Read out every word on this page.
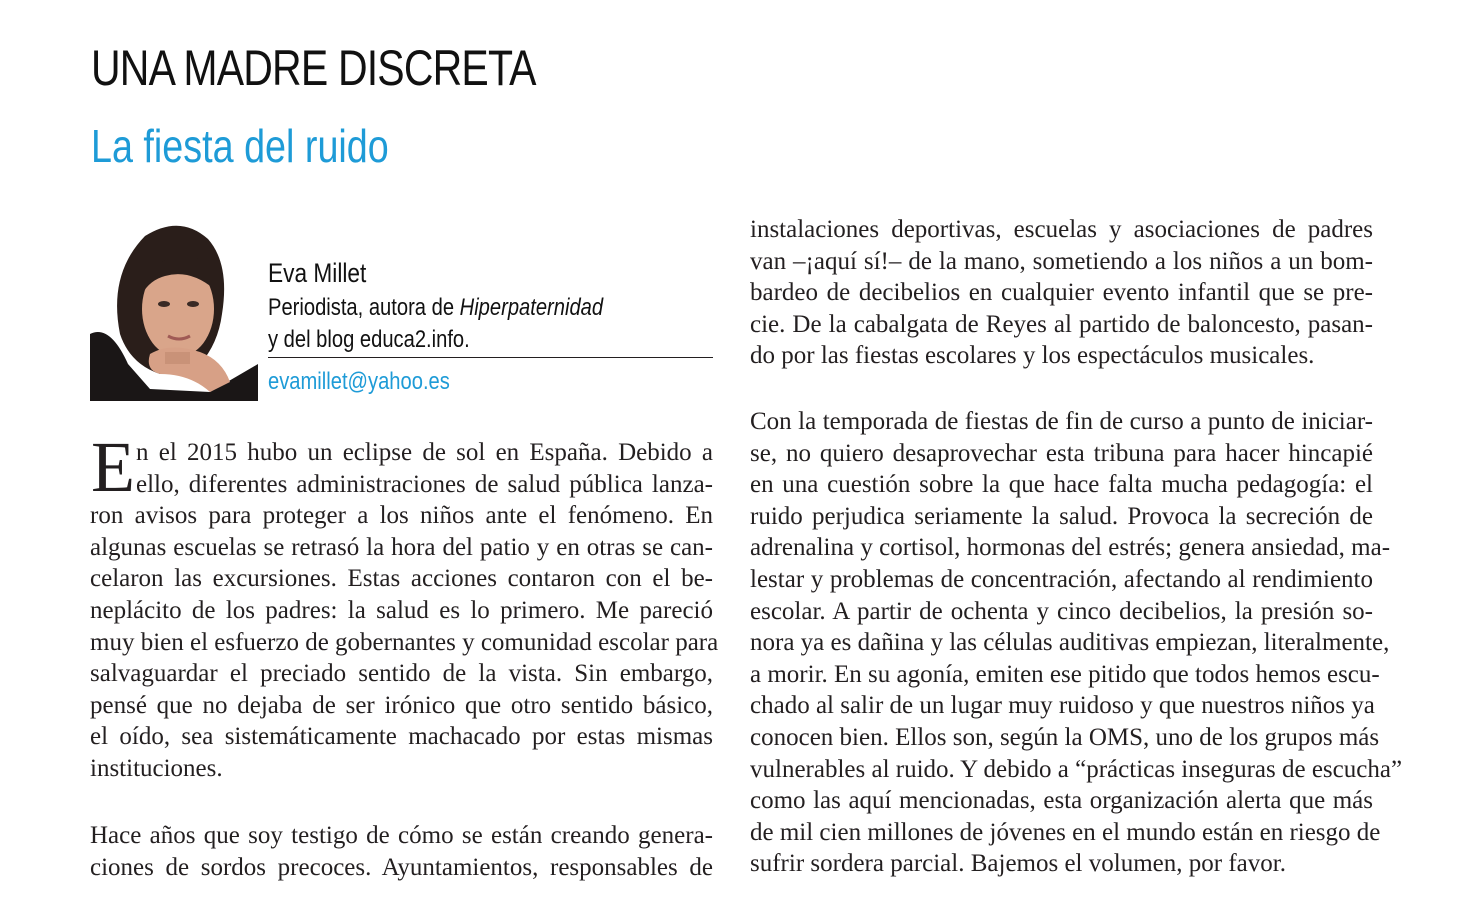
UNA MADRE DISCRETA
La fiesta del ruido
Eva Millet
Periodista, autora de Hiperpaternidad
y del blog educa2.info.
evamillet@yahoo.es
E n el 2015 hubo un eclipse de sol en España. Debido a
ello, diferentes administraciones de salud pública lanza-
ron avisos para proteger a los niños ante el fenómeno. En
algunas escuelas se retrasó la hora del patio y en otras se can-
celaron las excursiones. Estas acciones contaron con el be-
neplácito de los padres: la salud es lo primero. Me pareció
muy bien el esfuerzo de gobernantes y comunidad escolar para
salvaguardar el preciado sentido de la vista. Sin embargo,
pensé que no dejaba de ser irónico que otro sentido básico,
el oído, sea sistemáticamente machacado por estas mismas
instituciones.
Hace años que soy testigo de cómo se están creando genera-
ciones de sordos precoces. Ayuntamientos, responsables de
instalaciones deportivas, escuelas y asociaciones de padres
van –¡aquí sí!– de la mano, sometiendo a los niños a un bom-
bardeo de decibelios en cualquier evento infantil que se pre-
cie. De la cabalgata de Reyes al partido de baloncesto, pasan-
do por las fiestas escolares y los espectáculos musicales.
Con la temporada de fiestas de fin de curso a punto de iniciar-
se, no quiero desaprovechar esta tribuna para hacer hincapié
en una cuestión sobre la que hace falta mucha pedagogía: el
ruido perjudica seriamente la salud. Provoca la secreción de
adrenalina y cortisol, hormonas del estrés; genera ansiedad, ma-
lestar y problemas de concentración, afectando al rendimiento
escolar. A partir de ochenta y cinco decibelios, la presión so-
nora ya es dañina y las células auditivas empiezan, literalmente,
a morir. En su agonía, emiten ese pitido que todos hemos escu-
chado al salir de un lugar muy ruidoso y que nuestros niños ya
conocen bien. Ellos son, según la OMS, uno de los grupos más
vulnerables al ruido. Y debido a “prácticas inseguras de escucha”
como las aquí mencionadas, esta organización alerta que más
de mil cien millones de jóvenes en el mundo están en riesgo de
sufrir sordera parcial. Bajemos el volumen, por favor.
